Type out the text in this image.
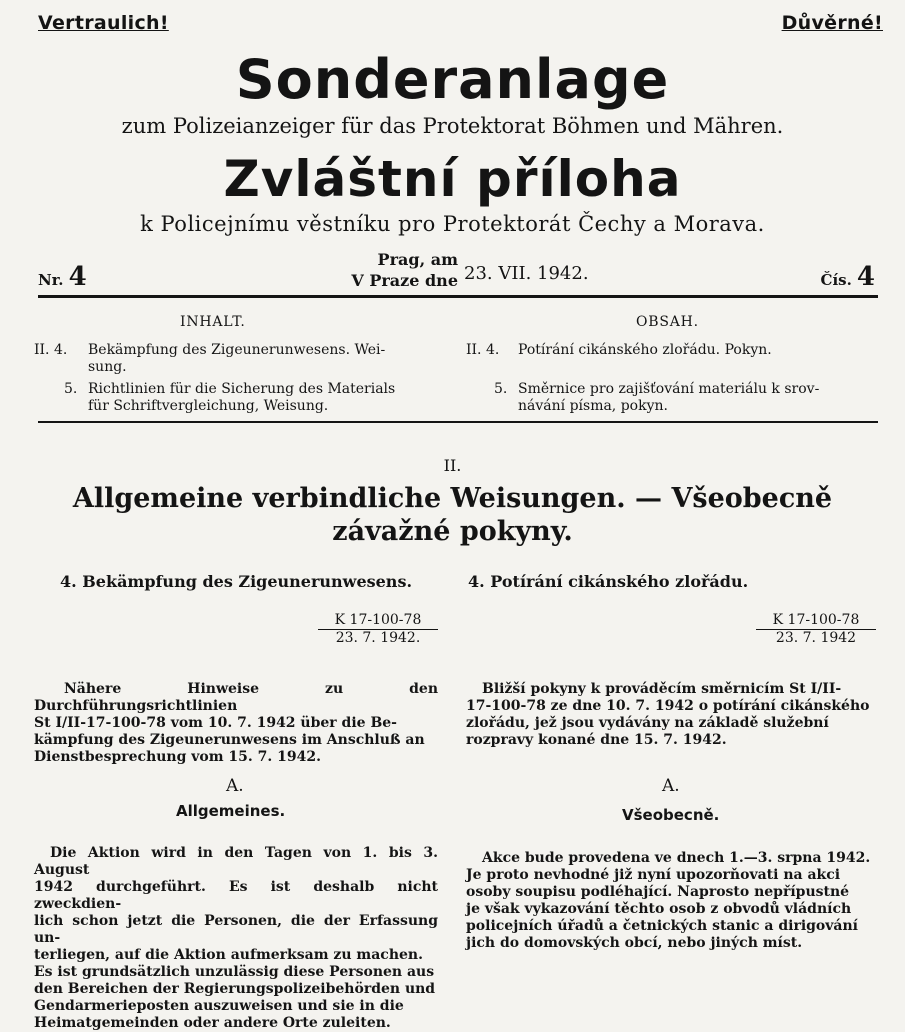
Vertraulich!	Důvěrné!
Sonderanlage
zum Polizeianzeiger für das Protektorat Böhmen und Mähren.
Zvláštní příloha
k Policejnímu věstníku pro Protektorát Čechy a Morava.
Nr. 4
Prag, am
V Praze dne 23. VII. 1942.	Čís. 4
INHALT.	OBSAH.
II. 4. Bekämpfung des Zigeunerunwesens. Wei-
sung.
5. Richtlinien für die Sicherung des Materials
für Schriftvergleichung, Weisung.
II. 4. Potírání cikánského zlořádu. Pokyn.
5. Směrnice pro zajišťování materiálu k srov-
návání písma, pokyn.
II.
Allgemeine verbindliche Weisungen. — Všeobecně
závažné pokyny.
4. Bekämpfung des Zigeunerunwesens.
K 17-100-78
23. 7. 1942.
Nähere Hinweise zu den Durchführungsrichtlinien
St I/II-17-100-78 vom 10. 7. 1942 über die Be-
kämpfung des Zigeunerunwesens im Anschluß an
Dienstbesprechung vom 15. 7. 1942.
A.
Allgemeines.
Die Aktion wird in den Tagen von 1. bis 3. August
1942 durchgeführt. Es ist deshalb nicht zweckdien-
lich schon jetzt die Personen, die der Erfassung un-
terliegen, auf die Aktion aufmerksam zu machen.
Es ist grundsätzlich unzulässig diese Personen aus
den Bereichen der Regierungspolizeibehörden und
Gendarmerieposten auszuweisen und sie in die
Heimatgemeinden oder andere Orte zuleiten.
4. Potírání cikánského zlořádu.
K 17-100-78
23. 7. 1942
Bližší pokyny k prováděcím směrnicím St I/II-
17-100-78 ze dne 10. 7. 1942 o potírání cikánského
zlořádu, jež jsou vydávány na základě služební
rozpravy konané dne 15. 7. 1942.
A.
Všeobecně.
Akce bude provedena ve dnech 1.—3. srpna 1942.
Je proto nevhodné již nyní upozorňovati na akci
osoby soupisu podléhající. Naprosto nepřípustné
je však vykazování těchto osob z obvodů vládních
policejních úřadů a četnických stanic a dirigování
jich do domovských obcí, nebo jiných míst.
